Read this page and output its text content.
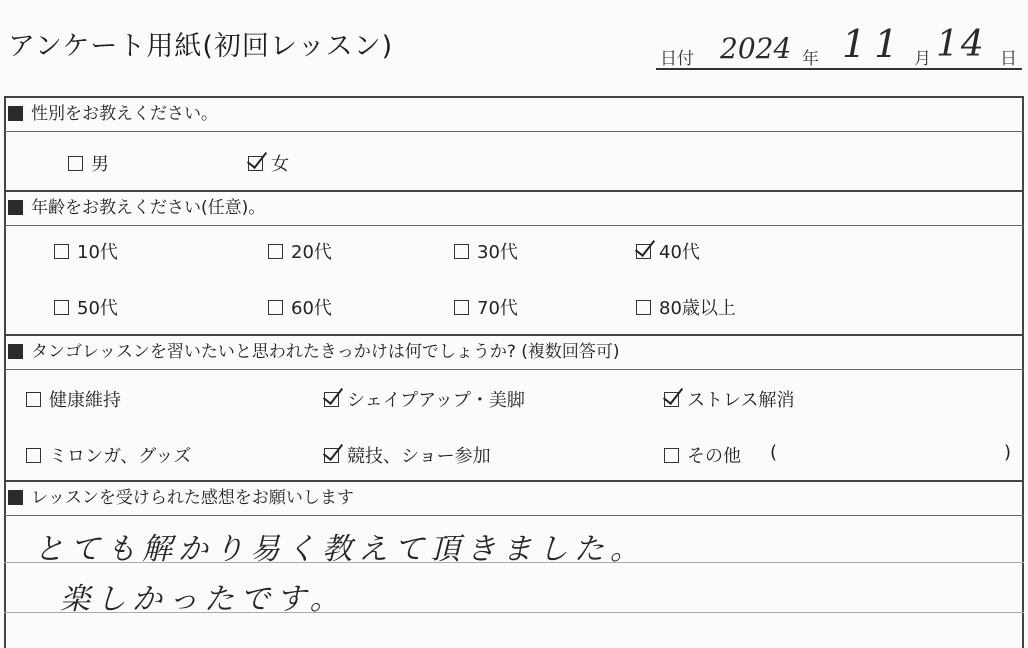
アンケート用紙(初回レッスン)	日付 2024 年 11 月 14 日
性別をお教えください。
男	女
年齢をお教えください(任意)。
10代	20代	30代	40代
50代	60代	70代	80歳以上
タンゴレッスンを習いたいと思われたきっかけは何でしょうか? (複数回答可)
健康維持	シェイプアップ・美脚	ストレス解消
ミロンガ、グッズ	競技、ショー参加	その他 (	)
レッスンを受けられた感想をお願いします
とても解かり易く教えて頂きました。
楽しかったです。
